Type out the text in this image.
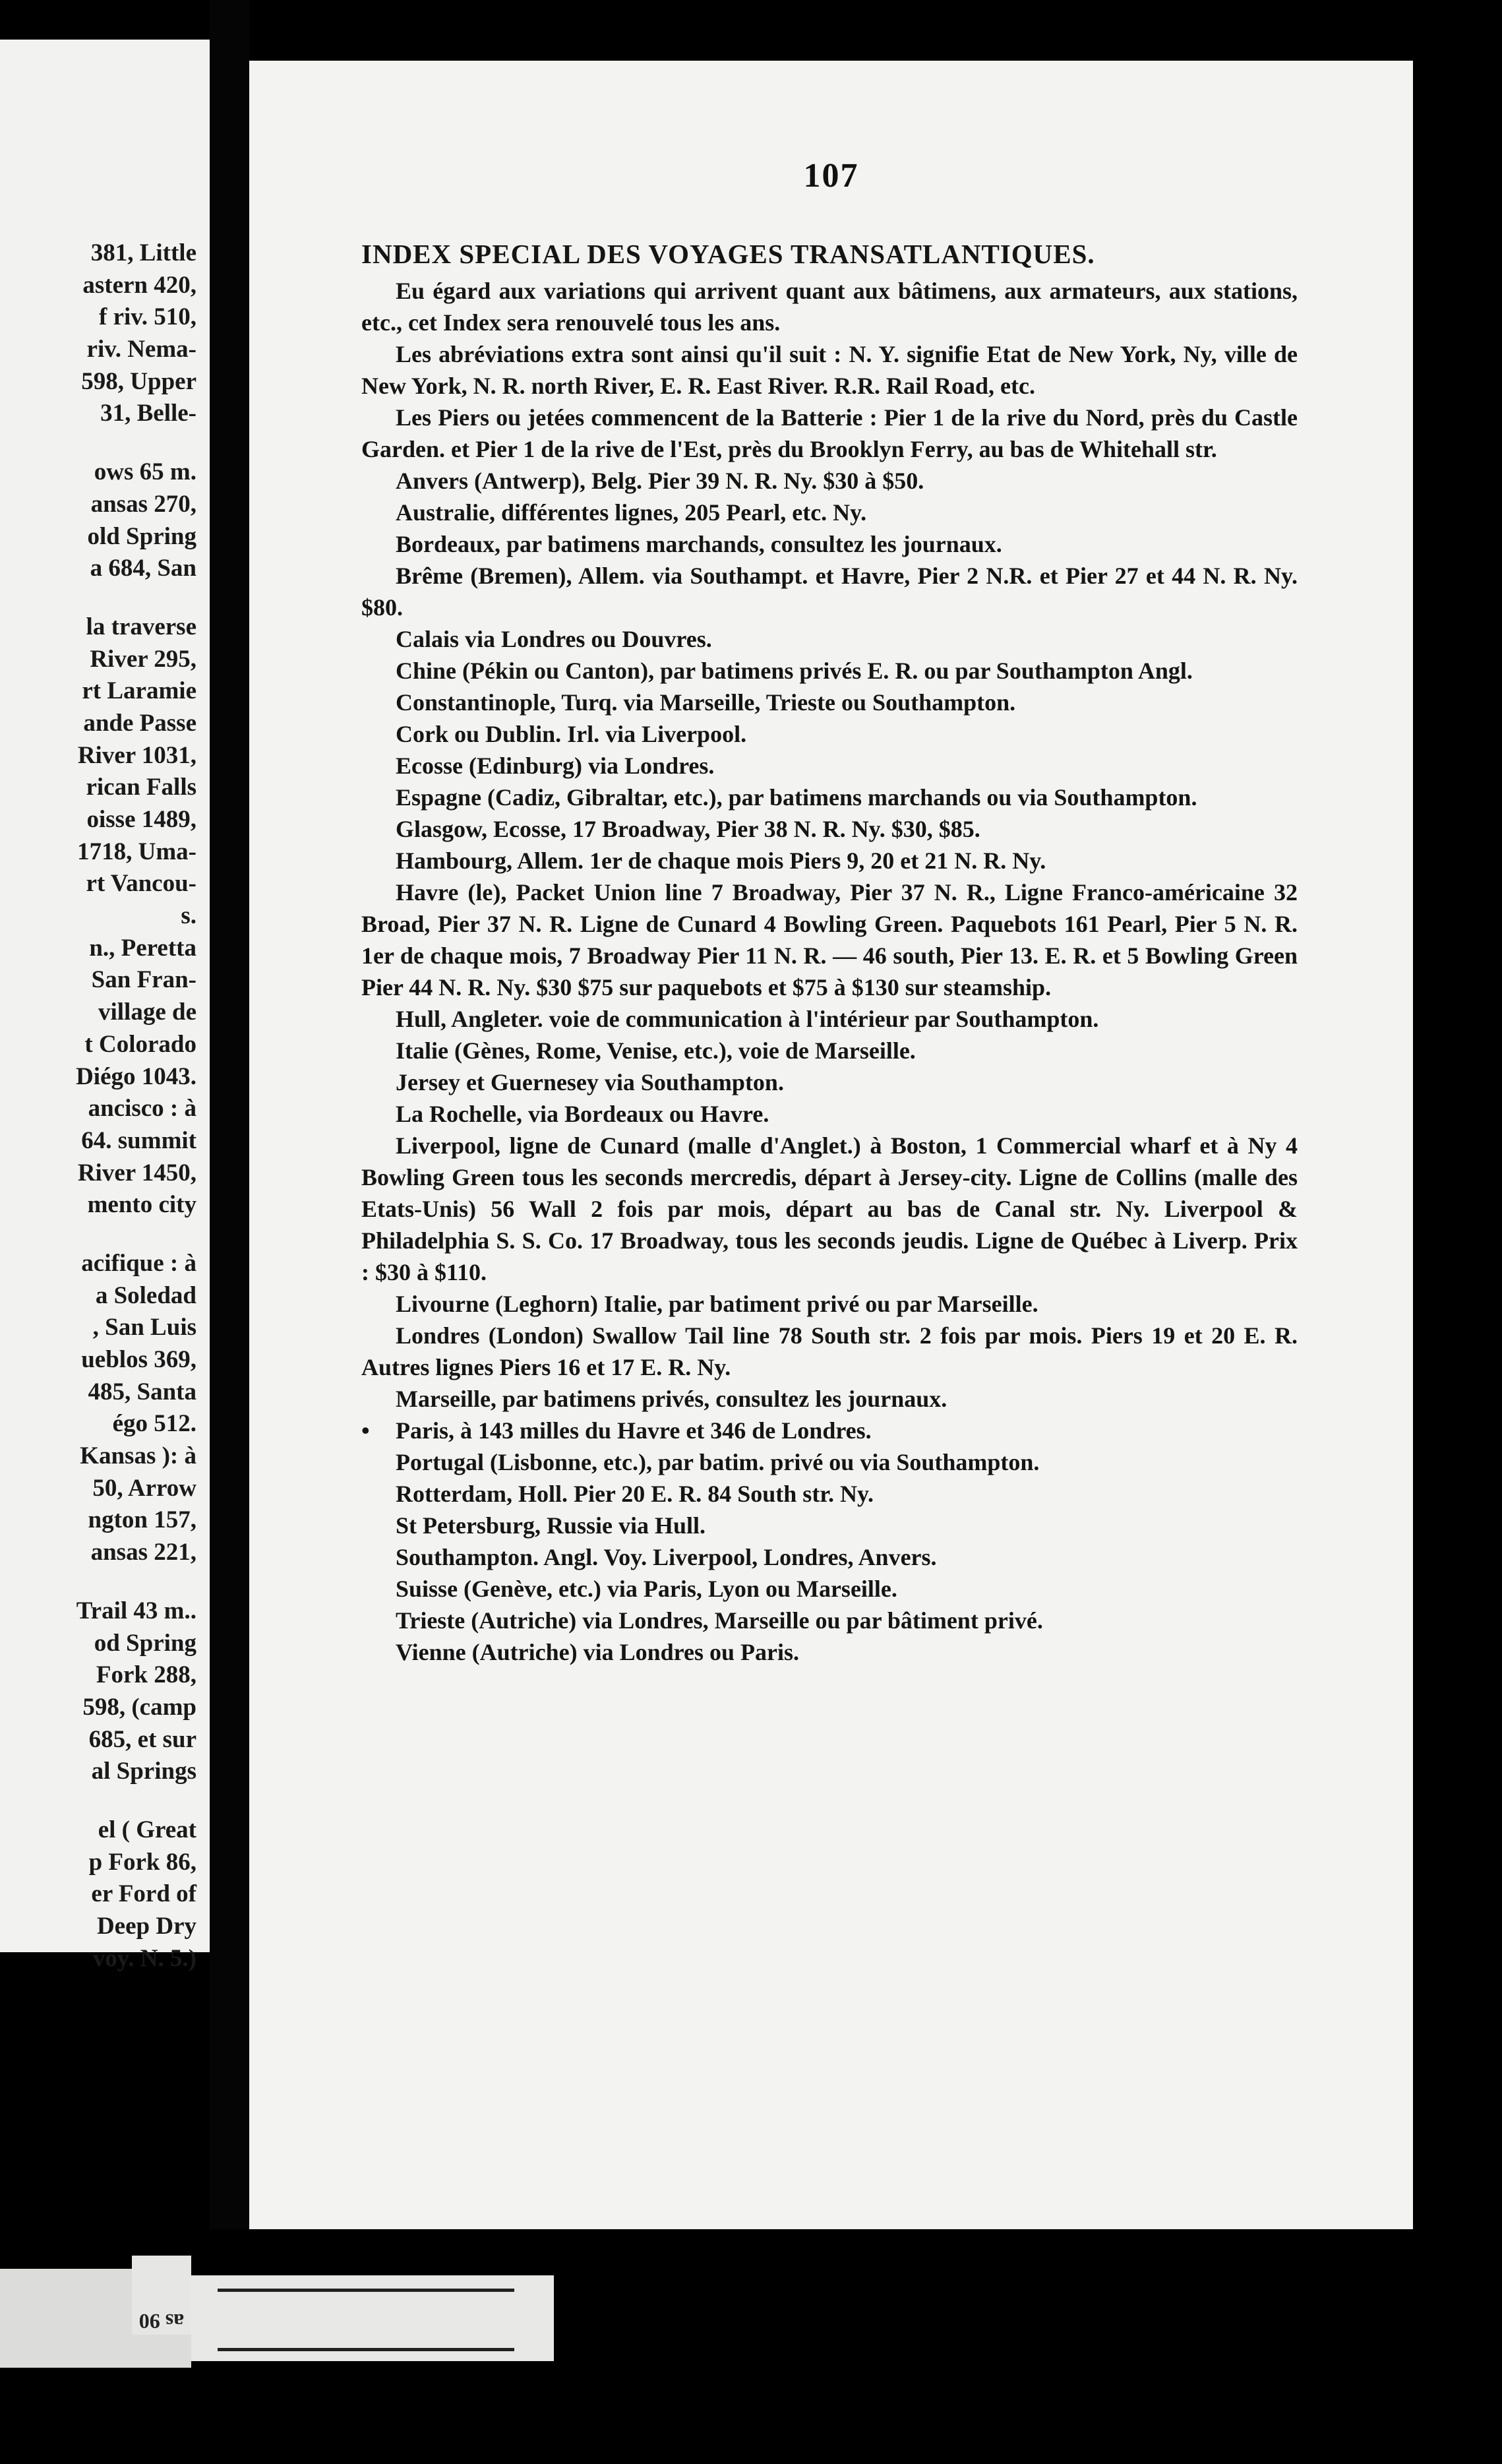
381, Little
astern 420,
f riv. 510,
riv. Nema-
598, Upper
31, Belle-
ows 65 m.
ansas 270,
old Spring
a 684, San
la traverse
River 295,
rt Laramie
ande Passe
River 1031,
rican Falls
oisse 1489,
1718, Uma-
rt Vancou-
s.
n., Peretta
San Fran-
village de
t Colorado
Diégo 1043.
ancisco : à
64. summit
River 1450,
mento city
acifique : à
a Soledad
, San Luis
ueblos 369,
485, Santa
égo 512.
Kansas ): à
50, Arrow
ngton 157,
ansas 221,
Trail 43 m..
od Spring
Fork 288,
598, (camp
685, et sur
al Springs
el ( Great
p Fork 86,
er Ford of
Deep Dry
voy. N. 5.)
107
INDEX SPECIAL DES VOYAGES TRANSATLANTIQUES.
Eu égard aux variations qui arrivent quant aux bâtimens, aux armateurs, aux stations, etc., cet Index sera renouvelé tous les ans.
Les abréviations extra sont ainsi qu'il suit : N. Y. signifie Etat de New York, Ny, ville de New York, N. R. north River, E. R. East River. R.R. Rail Road, etc.
Les Piers ou jetées commencent de la Batterie : Pier 1 de la rive du Nord, près du Castle Garden. et Pier 1 de la rive de l'Est, près du Brooklyn Ferry, au bas de Whitehall str.
Anvers (Antwerp), Belg. Pier 39 N. R. Ny. $30 à $50.
Australie, différentes lignes, 205 Pearl, etc. Ny.
Bordeaux, par batimens marchands, consultez les journaux.
Brême (Bremen), Allem. via Southampt. et Havre, Pier 2 N.R. et Pier 27 et 44 N. R. Ny. $80.
Calais via Londres ou Douvres.
Chine (Pékin ou Canton), par batimens privés E. R. ou par Southampton Angl.
Constantinople, Turq. via Marseille, Trieste ou Southampton.
Cork ou Dublin. Irl. via Liverpool.
Ecosse (Edinburg) via Londres.
Espagne (Cadiz, Gibraltar, etc.), par batimens marchands ou via Southampton.
Glasgow, Ecosse, 17 Broadway, Pier 38 N. R. Ny. $30, $85.
Hambourg, Allem. 1er de chaque mois Piers 9, 20 et 21 N. R. Ny.
Havre (le), Packet Union line 7 Broadway, Pier 37 N. R., Ligne Franco-américaine 32 Broad, Pier 37 N. R. Ligne de Cunard 4 Bowling Green. Paquebots 161 Pearl, Pier 5 N. R. 1er de chaque mois, 7 Broadway Pier 11 N. R. — 46 south, Pier 13. E. R. et 5 Bowling Green Pier 44 N. R. Ny. $30 $75 sur paquebots et $75 à $130 sur steamship.
Hull, Angleter. voie de communication à l'intérieur par Southampton.
Italie (Gènes, Rome, Venise, etc.), voie de Marseille.
Jersey et Guernesey via Southampton.
La Rochelle, via Bordeaux ou Havre.
Liverpool, ligne de Cunard (malle d'Anglet.) à Boston, 1 Commercial wharf et à Ny 4 Bowling Green tous les seconds mercredis, départ à Jersey-city. Ligne de Collins (malle des Etats-Unis) 56 Wall 2 fois par mois, départ au bas de Canal str. Ny. Liverpool & Philadelphia S. S. Co. 17 Broadway, tous les seconds jeudis. Ligne de Québec à Liverp. Prix : $30 à $110.
Livourne (Leghorn) Italie, par batiment privé ou par Marseille.
Londres (London) Swallow Tail line 78 South str. 2 fois par mois. Piers 19 et 20 E. R. Autres lignes Piers 16 et 17 E. R. Ny.
Marseille, par batimens privés, consultez les journaux.
• Paris, à 143 milles du Havre et 346 de Londres.
Portugal (Lisbonne, etc.), par batim. privé ou via Southampton.
Rotterdam, Holl. Pier 20 E. R. 84 South str. Ny.
St Petersburg, Russie via Hull.
Southampton. Angl. Voy. Liverpool, Londres, Anvers.
Suisse (Genève, etc.) via Paris, Lyon ou Marseille.
Trieste (Autriche) via Londres, Marseille ou par bâtiment privé.
Vienne (Autriche) via Londres ou Paris.
as 90
